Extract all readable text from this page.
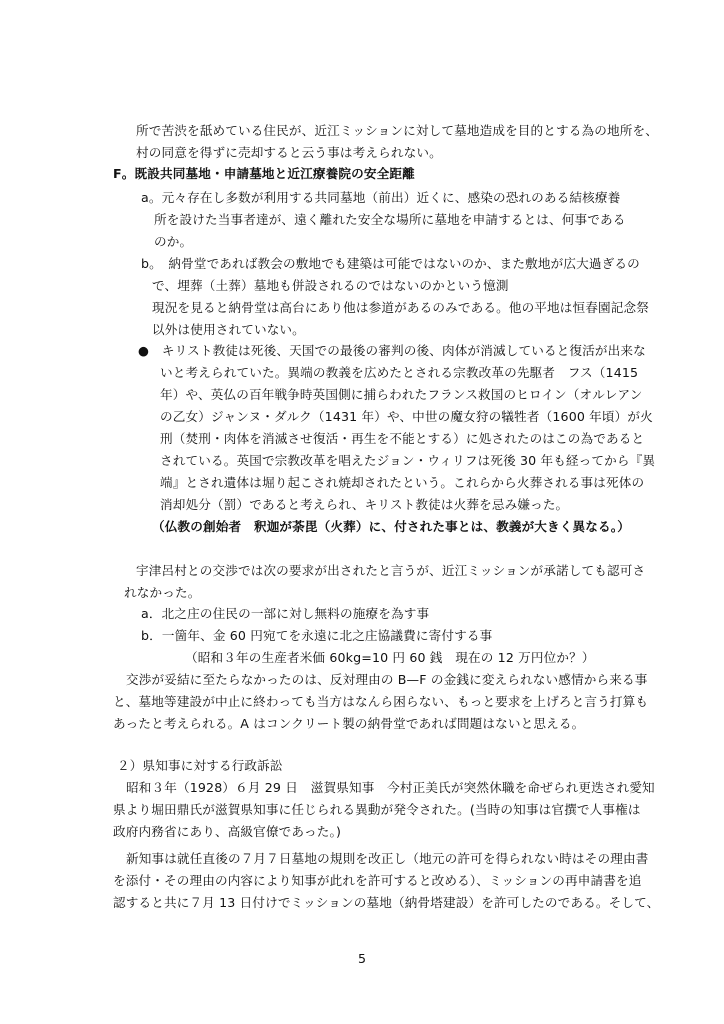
所で苦渋を舐めている住民が、近江ミッションに対して墓地造成を目的とする為の地所を、
村の同意を得ずに売却すると云う事は考えられない。
F。既設共同墓地・申請墓地と近江療養院の安全距離
a。元々存在し多数が利用する共同墓地（前出）近くに、感染の恐れのある結核療養
所を設けた当事者達が、遠く離れた安全な場所に墓地を申請するとは、何事である
のか。
b。　納骨堂であれば教会の敷地でも建築は可能ではないのか、また敷地が広大過ぎるの
で、埋葬（土葬）墓地も併設されるのではないのかという憶測
現況を見ると納骨堂は高台にあり他は参道があるのみである。他の平地は恒春園記念祭
以外は使用されていない。
●　キリスト教徒は死後、天国での最後の審判の後、肉体が消滅していると復活が出来な
いと考えられていた。異端の教義を広めたとされる宗教改革の先駆者　フス（1415
年）や、英仏の百年戦争時英国側に捕らわれたフランス救国のヒロイン（オルレアン
の乙女）ジャンヌ・ダルク（1431 年）や、中世の魔女狩の犠牲者（1600 年頃）が火
刑（焚刑・肉体を消滅させ復活・再生を不能とする）に処されたのはこの為であると
されている。英国で宗教改革を唱えたジョン・ウィリフは死後 30 年も経ってから『異
端』とされ遺体は堀り起こされ焼却されたという。これらから火葬される事は死体の
消却処分（罰）であると考えられ、キリスト教徒は火葬を忌み嫌った。
（仏教の創始者　釈迦が荼毘（火葬）に、付された事とは、教義が大きく異なる。）
宇津呂村との交渉では次の要求が出されたと言うが、近江ミッションが承諾しても認可さ
れなかった。
a．北之庄の住民の一部に対し無料の施療を為す事
b．一箇年、金 60 円宛てを永遠に北之庄協議費に寄付する事
（昭和３年の生産者米価 60kg=10 円 60 銭　現在の 12 万円位か？）
交渉が妥結に至たらなかったのは、反対理由の B—F の金銭に変えられない感情から来る事
と、墓地等建設が中止に終わっても当方はなんら困らない、もっと要求を上げろと言う打算も
あったと考えられる。A はコンクリート製の納骨堂であれば問題はないと思える。
２）県知事に対する行政訴訟
昭和３年（1928）６月 29 日　滋賀県知事　今村正美氏が突然休職を命ぜられ更迭され愛知
県より堀田鼎氏が滋賀県知事に任じられる異動が発令された。(当時の知事は官撰で人事権は
政府内務省にあり、高級官僚であった。)
新知事は就任直後の７月７日墓地の規則を改正し（地元の許可を得られない時はその理由書
を添付・その理由の内容により知事が此れを許可すると改める）、ミッションの再申請書を追
認すると共に７月 13 日付けでミッションの墓地（納骨塔建設）を許可したのである。そして、
5
